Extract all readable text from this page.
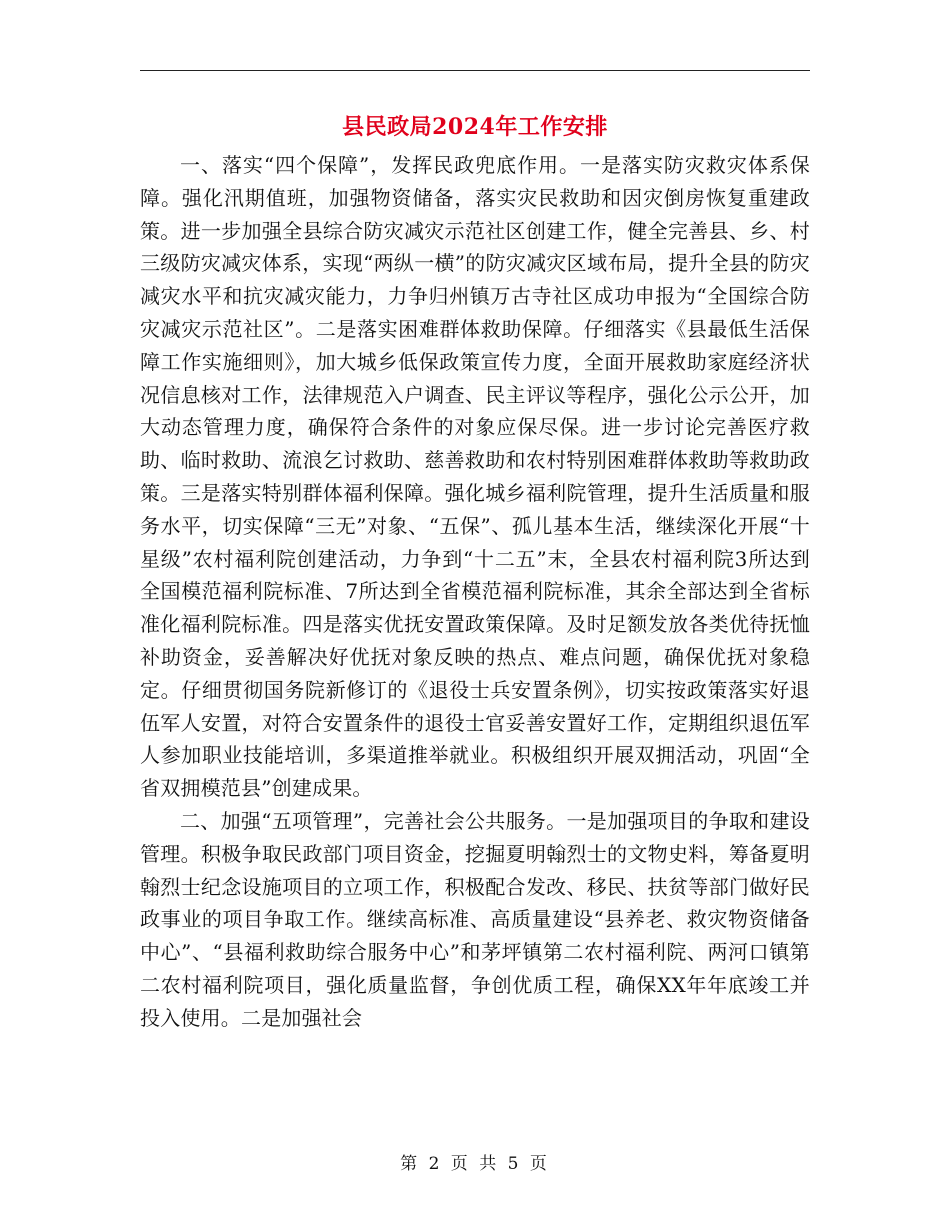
县民政局2024年工作安排

一、落实“四个保障”，发挥民政兜底作用。一是落实防灾救灾体系保障。强化汛期值班，加强物资储备，落实灾民救助和因灾倒房恢复重建政策。进一步加强全县综合防灾减灾示范社区创建工作，健全完善县、乡、村三级防灾减灾体系，实现“两纵一横”的防灾减灾区域布局，提升全县的防灾减灾水平和抗灾减灾能力，力争归州镇万古寺社区成功申报为“全国综合防灾减灾示范社区”。二是落实困难群体救助保障。仔细落实《县最低生活保障工作实施细则》，加大城乡低保政策宣传力度，全面开展救助家庭经济状况信息核对工作，法律规范入户调查、民主评议等程序，强化公示公开，加大动态管理力度，确保符合条件的对象应保尽保。进一步讨论完善医疗救助、临时救助、流浪乞讨救助、慈善救助和农村特别困难群体救助等救助政策。三是落实特别群体福利保障。强化城乡福利院管理，提升生活质量和服务水平，切实保障“三无”对象、“五保”、孤儿基本生活，继续深化开展“十星级”农村福利院创建活动，力争到“十二五”末，全县农村福利院3所达到全国模范福利院标准、7所达到全省模范福利院标准，其余全部达到全省标准化福利院标准。四是落实优抚安置政策保障。及时足额发放各类优待抚恤补助资金，妥善解决好优抚对象反映的热点、难点问题，确保优抚对象稳定。仔细贯彻国务院新修订的《退役士兵安置条例》，切实按政策落实好退伍军人安置，对符合安置条件的退役士官妥善安置好工作，定期组织退伍军人参加职业技能培训，多渠道推举就业。积极组织开展双拥活动，巩固“全省双拥模范县”创建成果。

二、加强“五项管理”，完善社会公共服务。一是加强项目的争取和建设管理。积极争取民政部门项目资金，挖掘夏明翰烈士的文物史料，筹备夏明翰烈士纪念设施项目的立项工作，积极配合发改、移民、扶贫等部门做好民政事业的项目争取工作。继续高标准、高质量建设“县养老、救灾物资储备中心”、“县福利救助综合服务中心”和茅坪镇第二农村福利院、两河口镇第二农村福利院项目，强化质量监督，争创优质工程，确保XX年年底竣工并投入使用。二是加强社会

第 2 页 共 5 页
